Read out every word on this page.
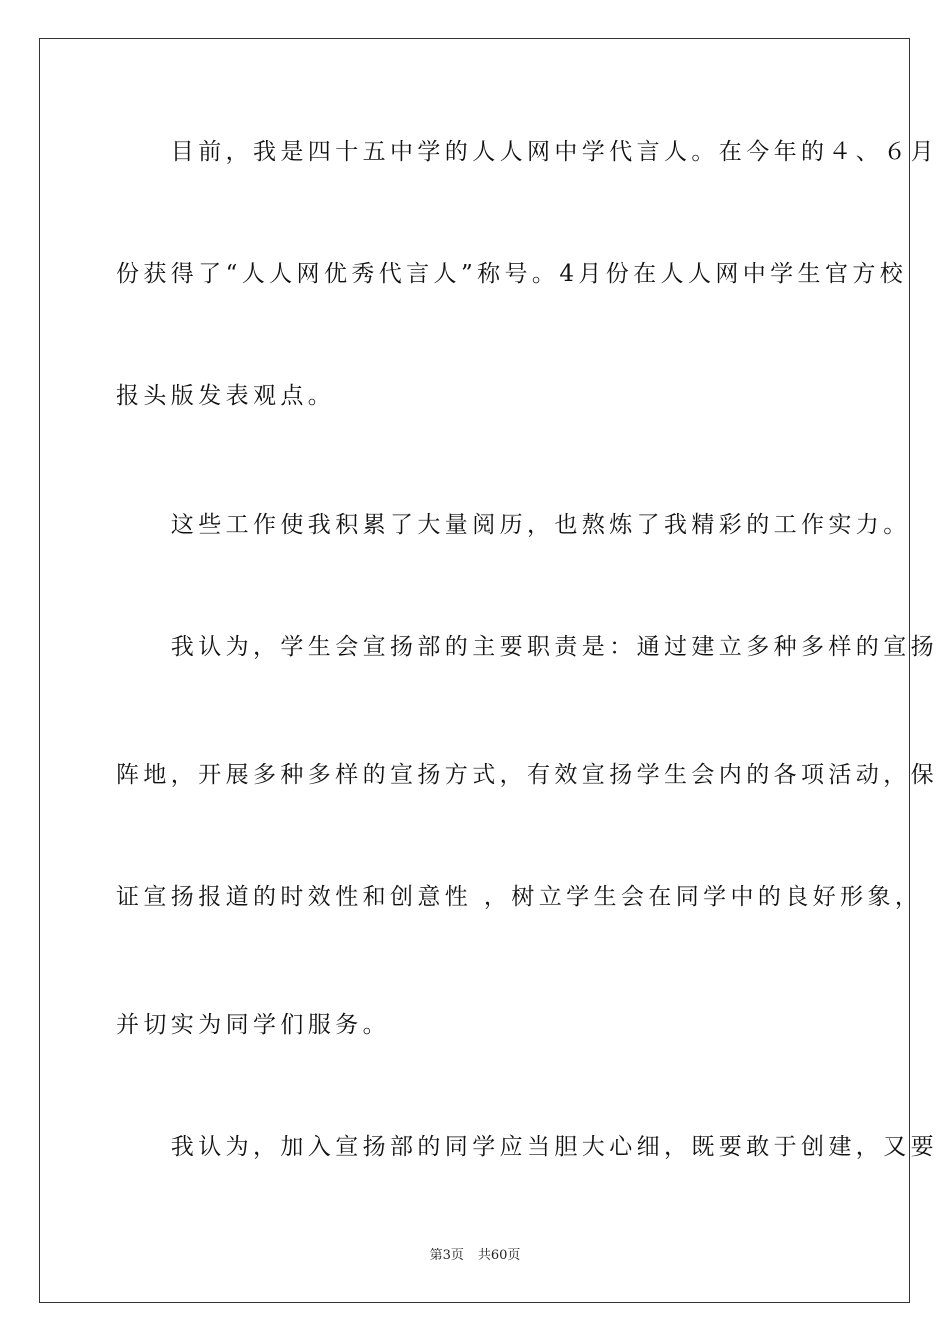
　　目前，我是四十五中学的人人网中学代言人。在今年的４、６月
份获得了“人人网优秀代言人”称号。4月份在人人网中学生官方校
报头版发表观点。
　　这些工作使我积累了大量阅历，也熬炼了我精彩的工作实力。
　　我认为，学生会宣扬部的主要职责是：通过建立多种多样的宣扬
阵地，开展多种多样的宣扬方式，有效宣扬学生会内的各项活动，保
证宣扬报道的时效性和创意性 ，树立学生会在同学中的良好形象，
并切实为同学们服务。
　　我认为，加入宣扬部的同学应当胆大心细，既要敢于创建，又要
第3页 共60页
